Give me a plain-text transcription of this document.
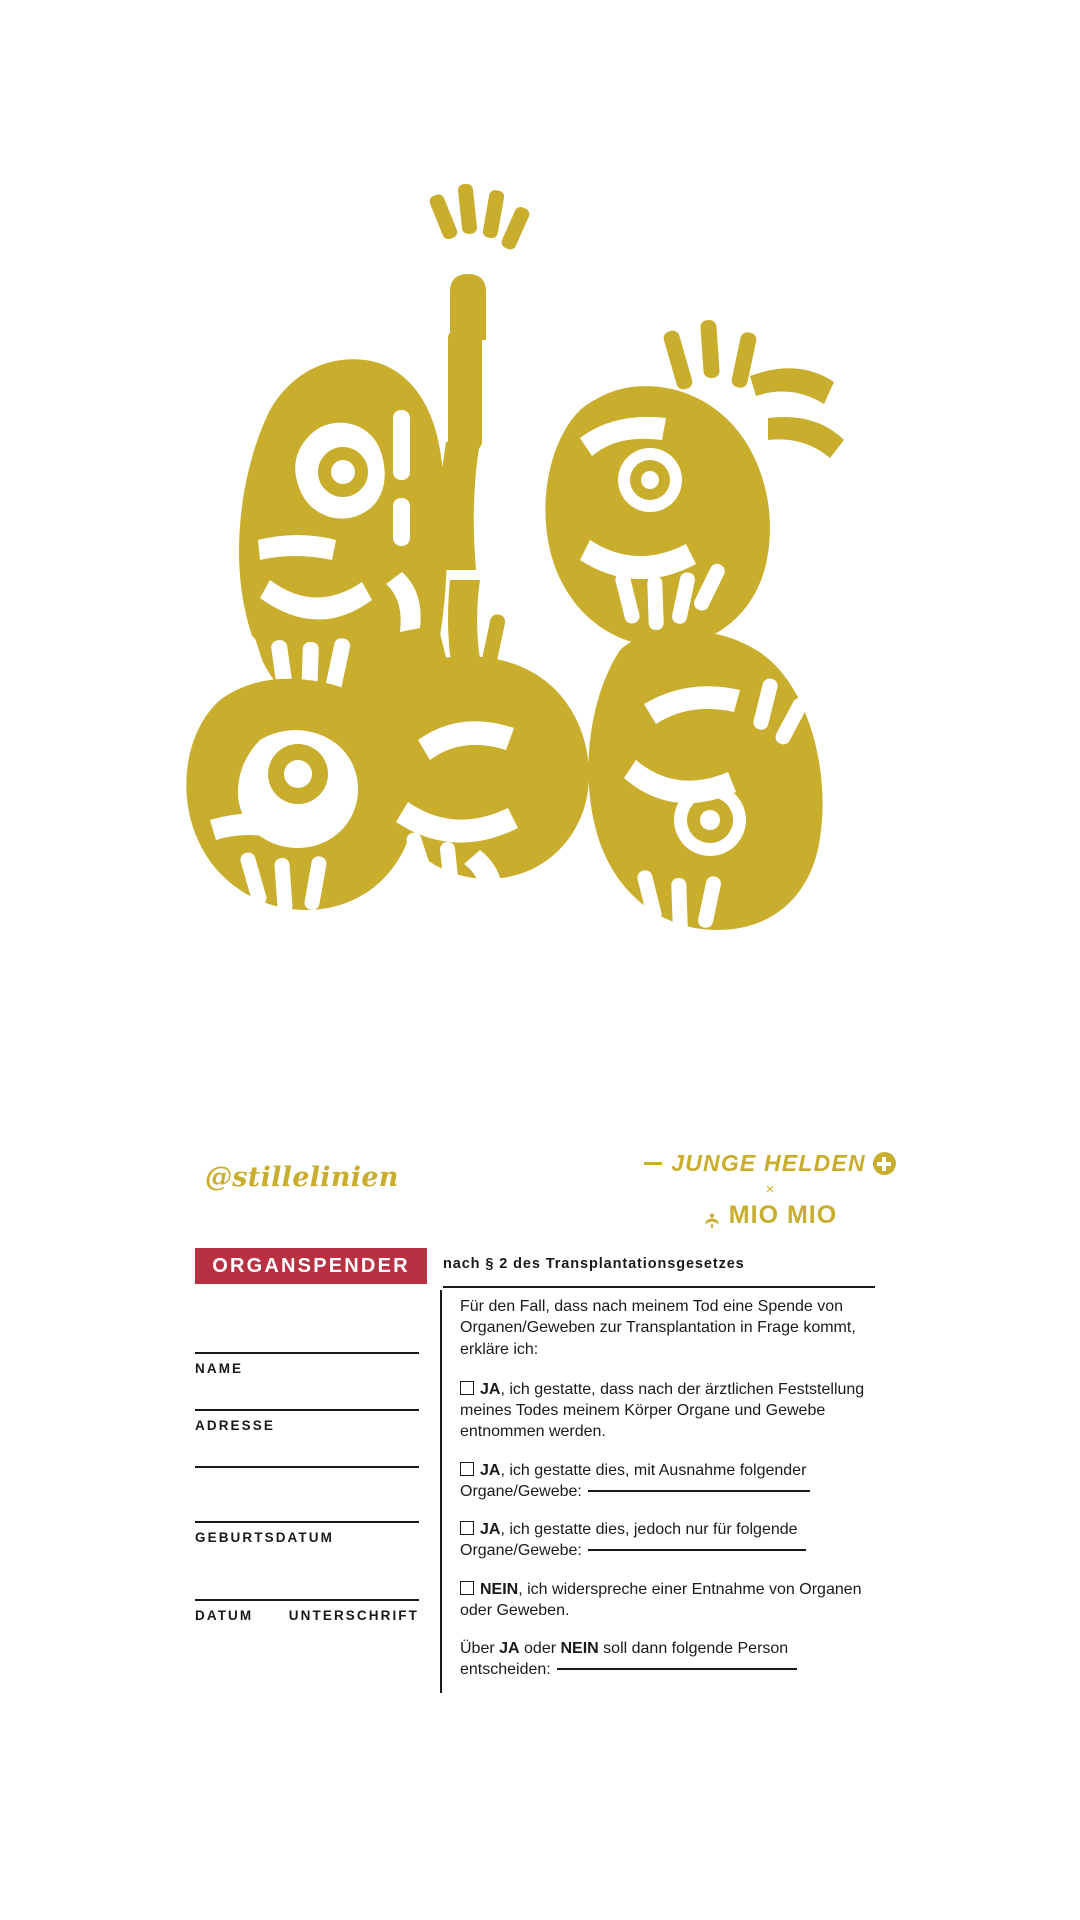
@stillelinien	JUNGE HELDEN
×
MIO MIO
ORGANSPENDER	nach § 2 des Transplantationsgesetzes
NAME
ADRESSE
GEBURTSDATUM
DATUM	UNTERSCHRIFT

Für den Fall, dass nach meinem Tod eine Spende von Organen/Geweben zur Transplantation in Frage kommt, erkläre ich:

JA, ich gestatte, dass nach der ärztlichen Feststellung meines Todes meinem Körper Organe und Gewebe entnommen werden.

JA, ich gestatte dies, mit Ausnahme folgender
Organe/Gewebe:

JA, ich gestatte dies, jedoch nur für folgende
Organe/Gewebe:

NEIN, ich widerspreche einer Entnahme von Organen oder Geweben.

Über JA oder NEIN soll dann folgende Person
entscheiden:
